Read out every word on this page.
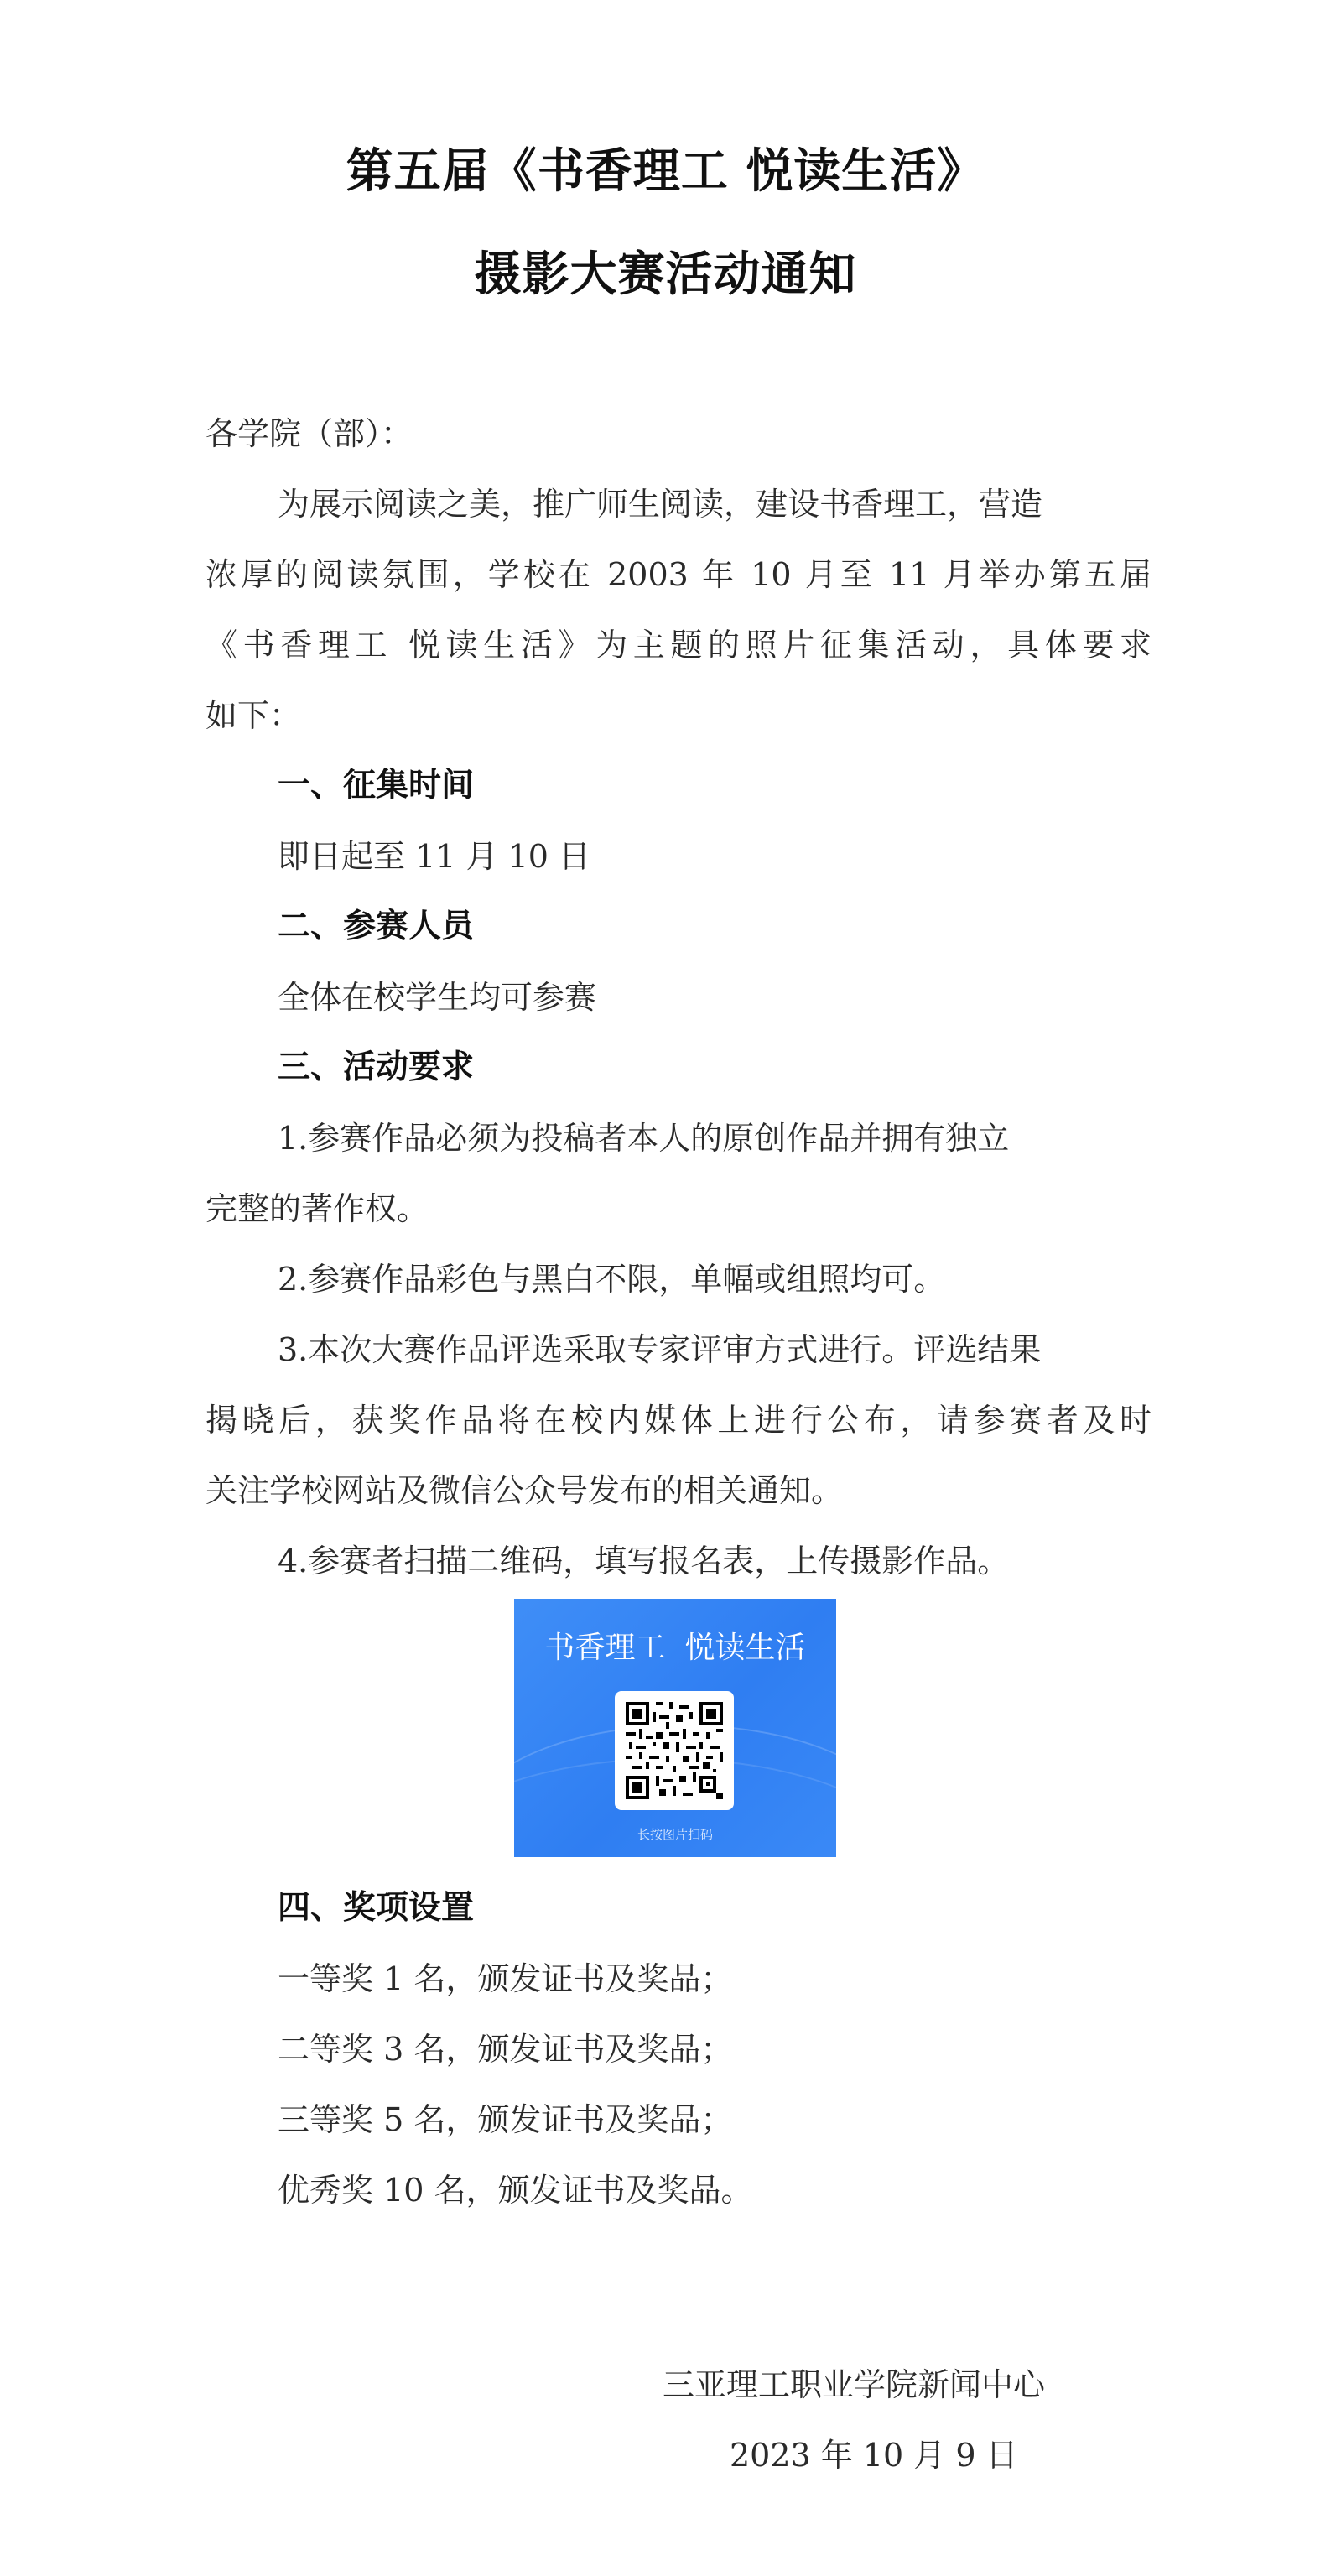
第五届《书香理工 悦读生活》
摄影大赛活动通知
各学院（部）：
为展示阅读之美，推广师生阅读，建设书香理工，营造
浓厚的阅读氛围，学校在 2003 年 10 月至 11 月举办第五届
《书香理工 悦读生活》为主题的照片征集活动，具体要求
如下：
一、征集时间
即日起至 11 月 10 日
二、参赛人员
全体在校学生均可参赛
三、活动要求
1.参赛作品必须为投稿者本人的原创作品并拥有独立
完整的著作权。
2.参赛作品彩色与黑白不限，单幅或组照均可。
3.本次大赛作品评选采取专家评审方式进行。评选结果
揭晓后，获奖作品将在校内媒体上进行公布，请参赛者及时
关注学校网站及微信公众号发布的相关通知。
4.参赛者扫描二维码，填写报名表，上传摄影作品。
书香理工  悦读生活
长按图片扫码
四、奖项设置
一等奖 1 名，颁发证书及奖品；
二等奖 3 名，颁发证书及奖品；
三等奖 5 名，颁发证书及奖品；
优秀奖 10 名，颁发证书及奖品。
三亚理工职业学院新闻中心
2023 年 10 月 9 日
